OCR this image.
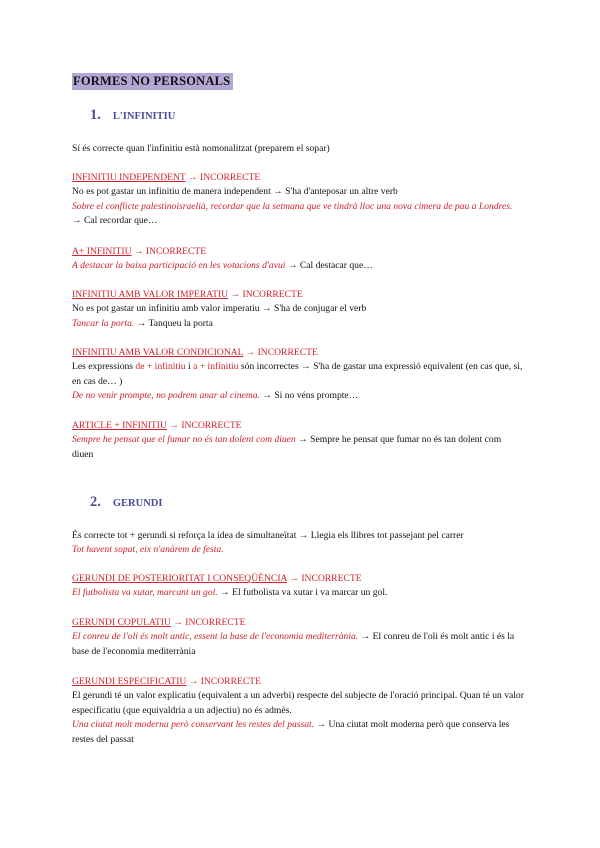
FORMES NO PERSONALS
1. L'INFINITIU
Sí és correcte quan l'infinitiu està nomonalitzat (preparem el sopar)
INFINITIU INDEPENDENT → INCORRECTE
No es pot gastar un infinitiu de manera independent → S'ha d'anteposar un altre verb
Sobre el conflicte palestinoisraelià, recordar que la setmana que ve tindrà lloc una nova cimera de pau a Londres. → Cal recordar que…
A+ INFINITIU → INCORRECTE
A destacar la baixa participació en les votacions d'avui → Cal destacar que…
INFINITIU AMB VALOR IMPERATIU → INCORRECTE
No es pot gastar un infinitiu amb valor imperatiu → S'ha de conjugar el verb
Tancar la porta. → Tanqueu la porta
INFINITIU AMB VALOR CONDICIONAL → INCORRECTE
Les expressions de + infinitiu i a + infinitiu són incorrectes → S'ha de gastar una expressió equivalent (en cas que, si, en cas de… )
De no venir prompte, no podrem anar al cinema. → Si no véns prompte…
ARTICLE + INFINITIU → INCORRECTE
Sempre he pensat que el fumar no és tan dolent com diuen → Sempre he pensat que fumar no és tan dolent com diuen
2. GERUNDI
És correcte tot + gerundi si reforça la idea de simultaneïtat → Llegia els llibres tot passejant pel carrer
Tot havent sopat, eix n'anàrem de festa.
GERUNDI DE POSTERIORITAT I CONSEQÜÈNCIA → INCORRECTE
El futbolista va xutar, marcant un gol. → El futbolista va xutar i va marcar un gol.
GERUNDI COPULATIU → INCORRECTE
El conreu de l'oli és molt antic, essent la base de l'economia mediterrània. → El conreu de l'oli és molt antic i és la base de l'economia mediterrània
GERUNDI ESPECIFICATIU → INCORRECTE
El gerundi té un valor explicatiu (equivalent a un adverbi) respecte del subjecte de l'oració principal. Quan té un valor especificatiu (que equivaldria a un adjectiu) no és admès.
Una ciutat molt moderna però conservant les restes del passat. → Una ciutat molt moderna però que conserva les restes del passat
